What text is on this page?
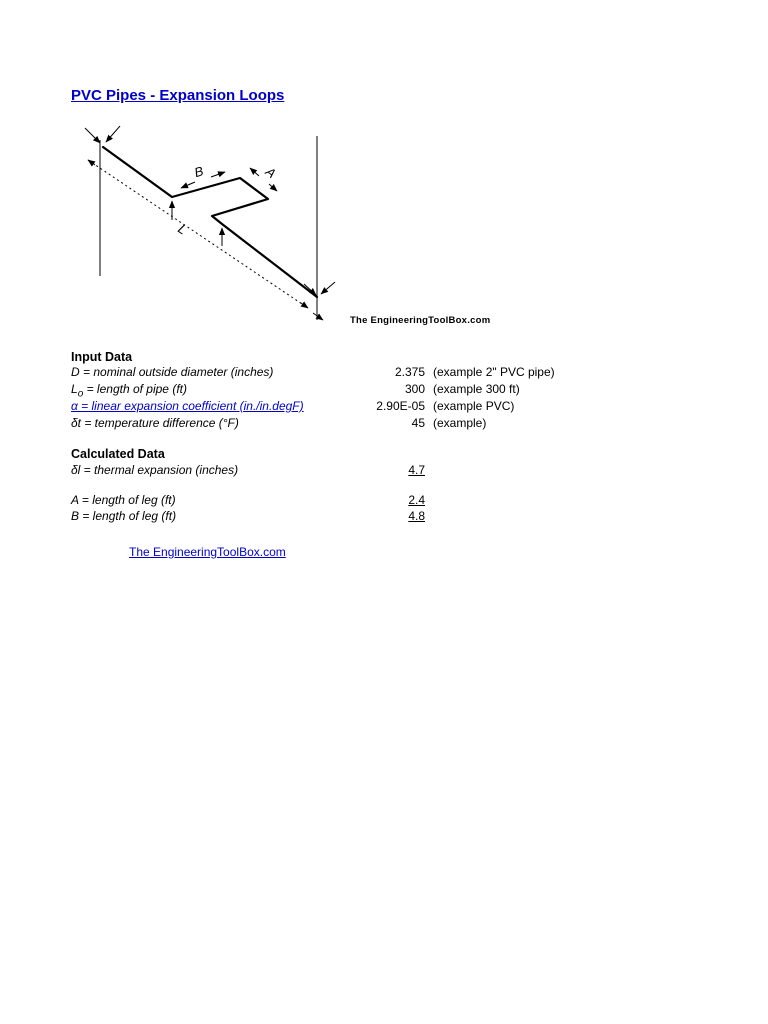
PVC Pipes - Expansion Loops
B	A
L
The EngineeringToolBox.com
Input Data
D = nominal outside diameter (inches)	2.375 (example 2" PVC pipe)
$L_o$ = length of pipe (ft)	300 (example 300 ft)
α = linear expansion coefficient (in./in.degF)	2.90E-05 (example PVC)
δt = temperature difference (°F)	45 (example)
Calculated Data
δl = thermal expansion (inches)	4.7
A = length of leg (ft)	2.4
B = length of leg (ft)	4.8
The EngineeringToolBox.com
